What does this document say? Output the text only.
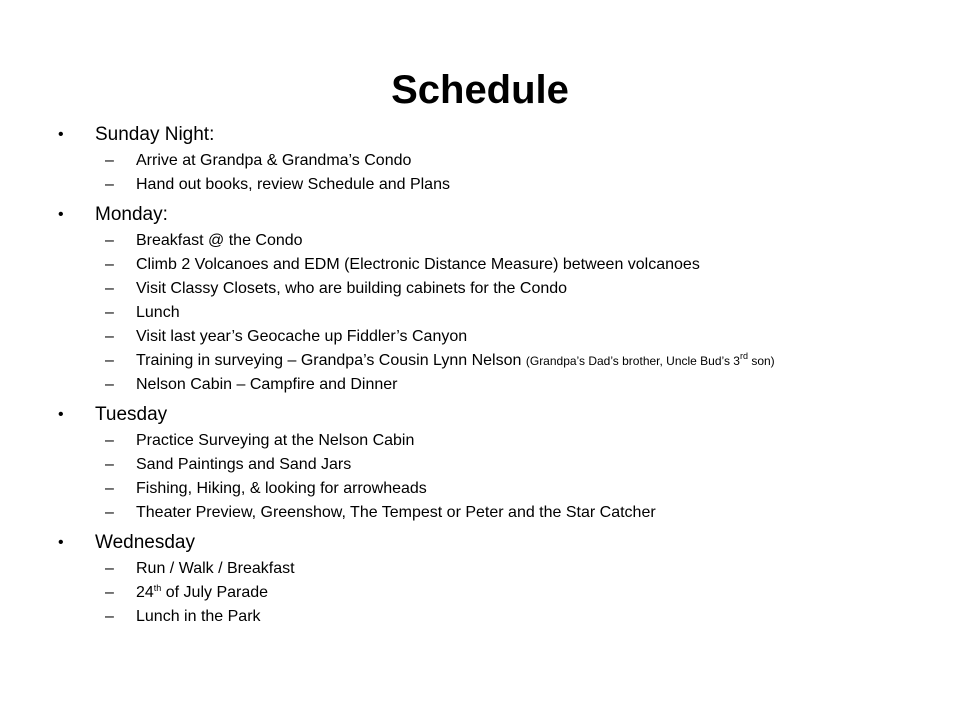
Schedule
• Sunday Night:
– Arrive at Grandpa & Grandma’s Condo
– Hand out books, review Schedule and Plans
• Monday:
– Breakfast @ the Condo
– Climb 2 Volcanoes and EDM (Electronic Distance Measure) between volcanoes
– Visit Classy Closets, who are building cabinets for the Condo
– Lunch
– Visit last year’s Geocache up Fiddler’s Canyon
– Training in surveying – Grandpa’s Cousin Lynn Nelson (Grandpa’s Dad’s brother, Uncle Bud’s 3rd son)
– Nelson Cabin – Campfire and Dinner
• Tuesday
– Practice Surveying at the Nelson Cabin
– Sand Paintings and Sand Jars
– Fishing, Hiking, & looking for arrowheads
– Theater Preview, Greenshow, The Tempest or Peter and the Star Catcher
• Wednesday
– Run / Walk / Breakfast
– 24th of July Parade
– Lunch in the Park
